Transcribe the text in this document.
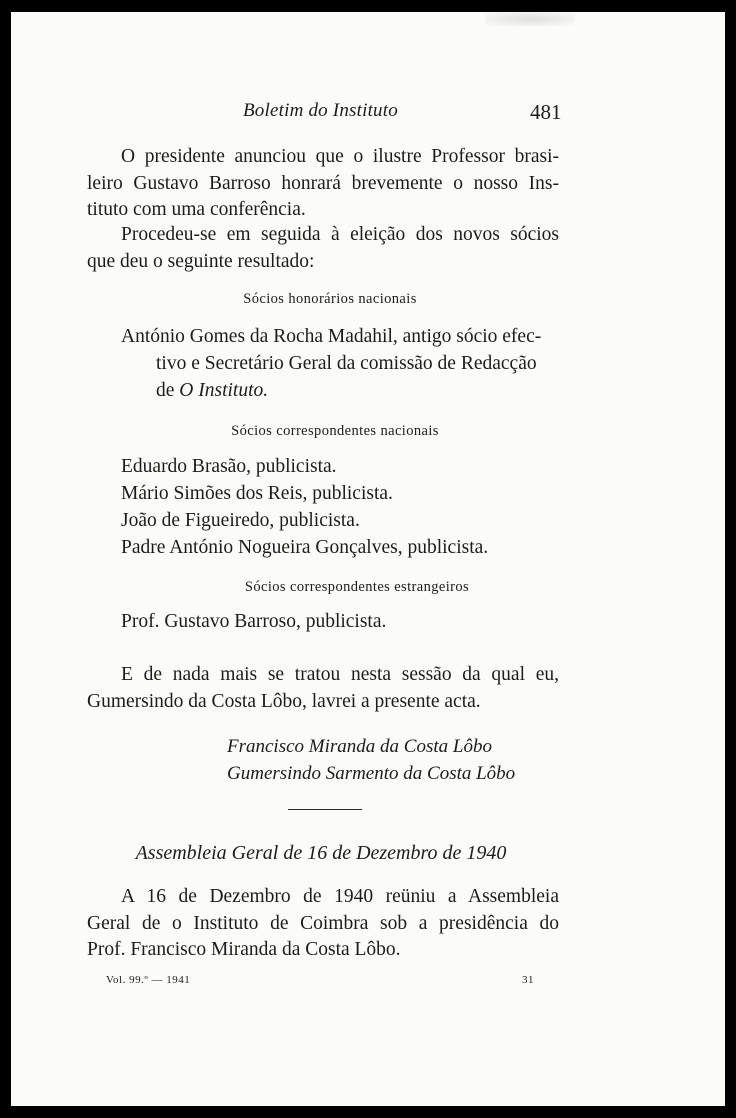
Boletim do Instituto	481

O presidente anunciou que o ilustre Professor brasi-
leiro Gustavo Barroso honrará brevemente o nosso Ins-
tituto com uma conferência.

Procedeu-se em seguida à eleição dos novos sócios
que deu o seguinte resultado:

Sócios honorários nacionais
António Gomes da Rocha Madahil, antigo sócio efec-
tivo e Secretário Geral da comissão de Redacção
de O Instituto.
Sócios correspondentes nacionais
Eduardo Brasão, publicista.
Mário Simões dos Reis, publicista.
João de Figueiredo, publicista.
Padre António Nogueira Gonçalves, publicista.
Sócios correspondentes estrangeiros
Prof. Gustavo Barroso, publicista.

E de nada mais se tratou nesta sessão da qual eu,
Gumersindo da Costa Lôbo, lavrei a presente acta.

Francisco Miranda da Costa Lôbo
Gumersindo Sarmento da Costa Lôbo
Assembleia Geral de 16 de Dezembro de 1940

A 16 de Dezembro de 1940 reüniu a Assembleia
Geral de o Instituto de Coimbra sob a presidência do
Prof. Francisco Miranda da Costa Lôbo.

Vol. 99.º — 1941	31
